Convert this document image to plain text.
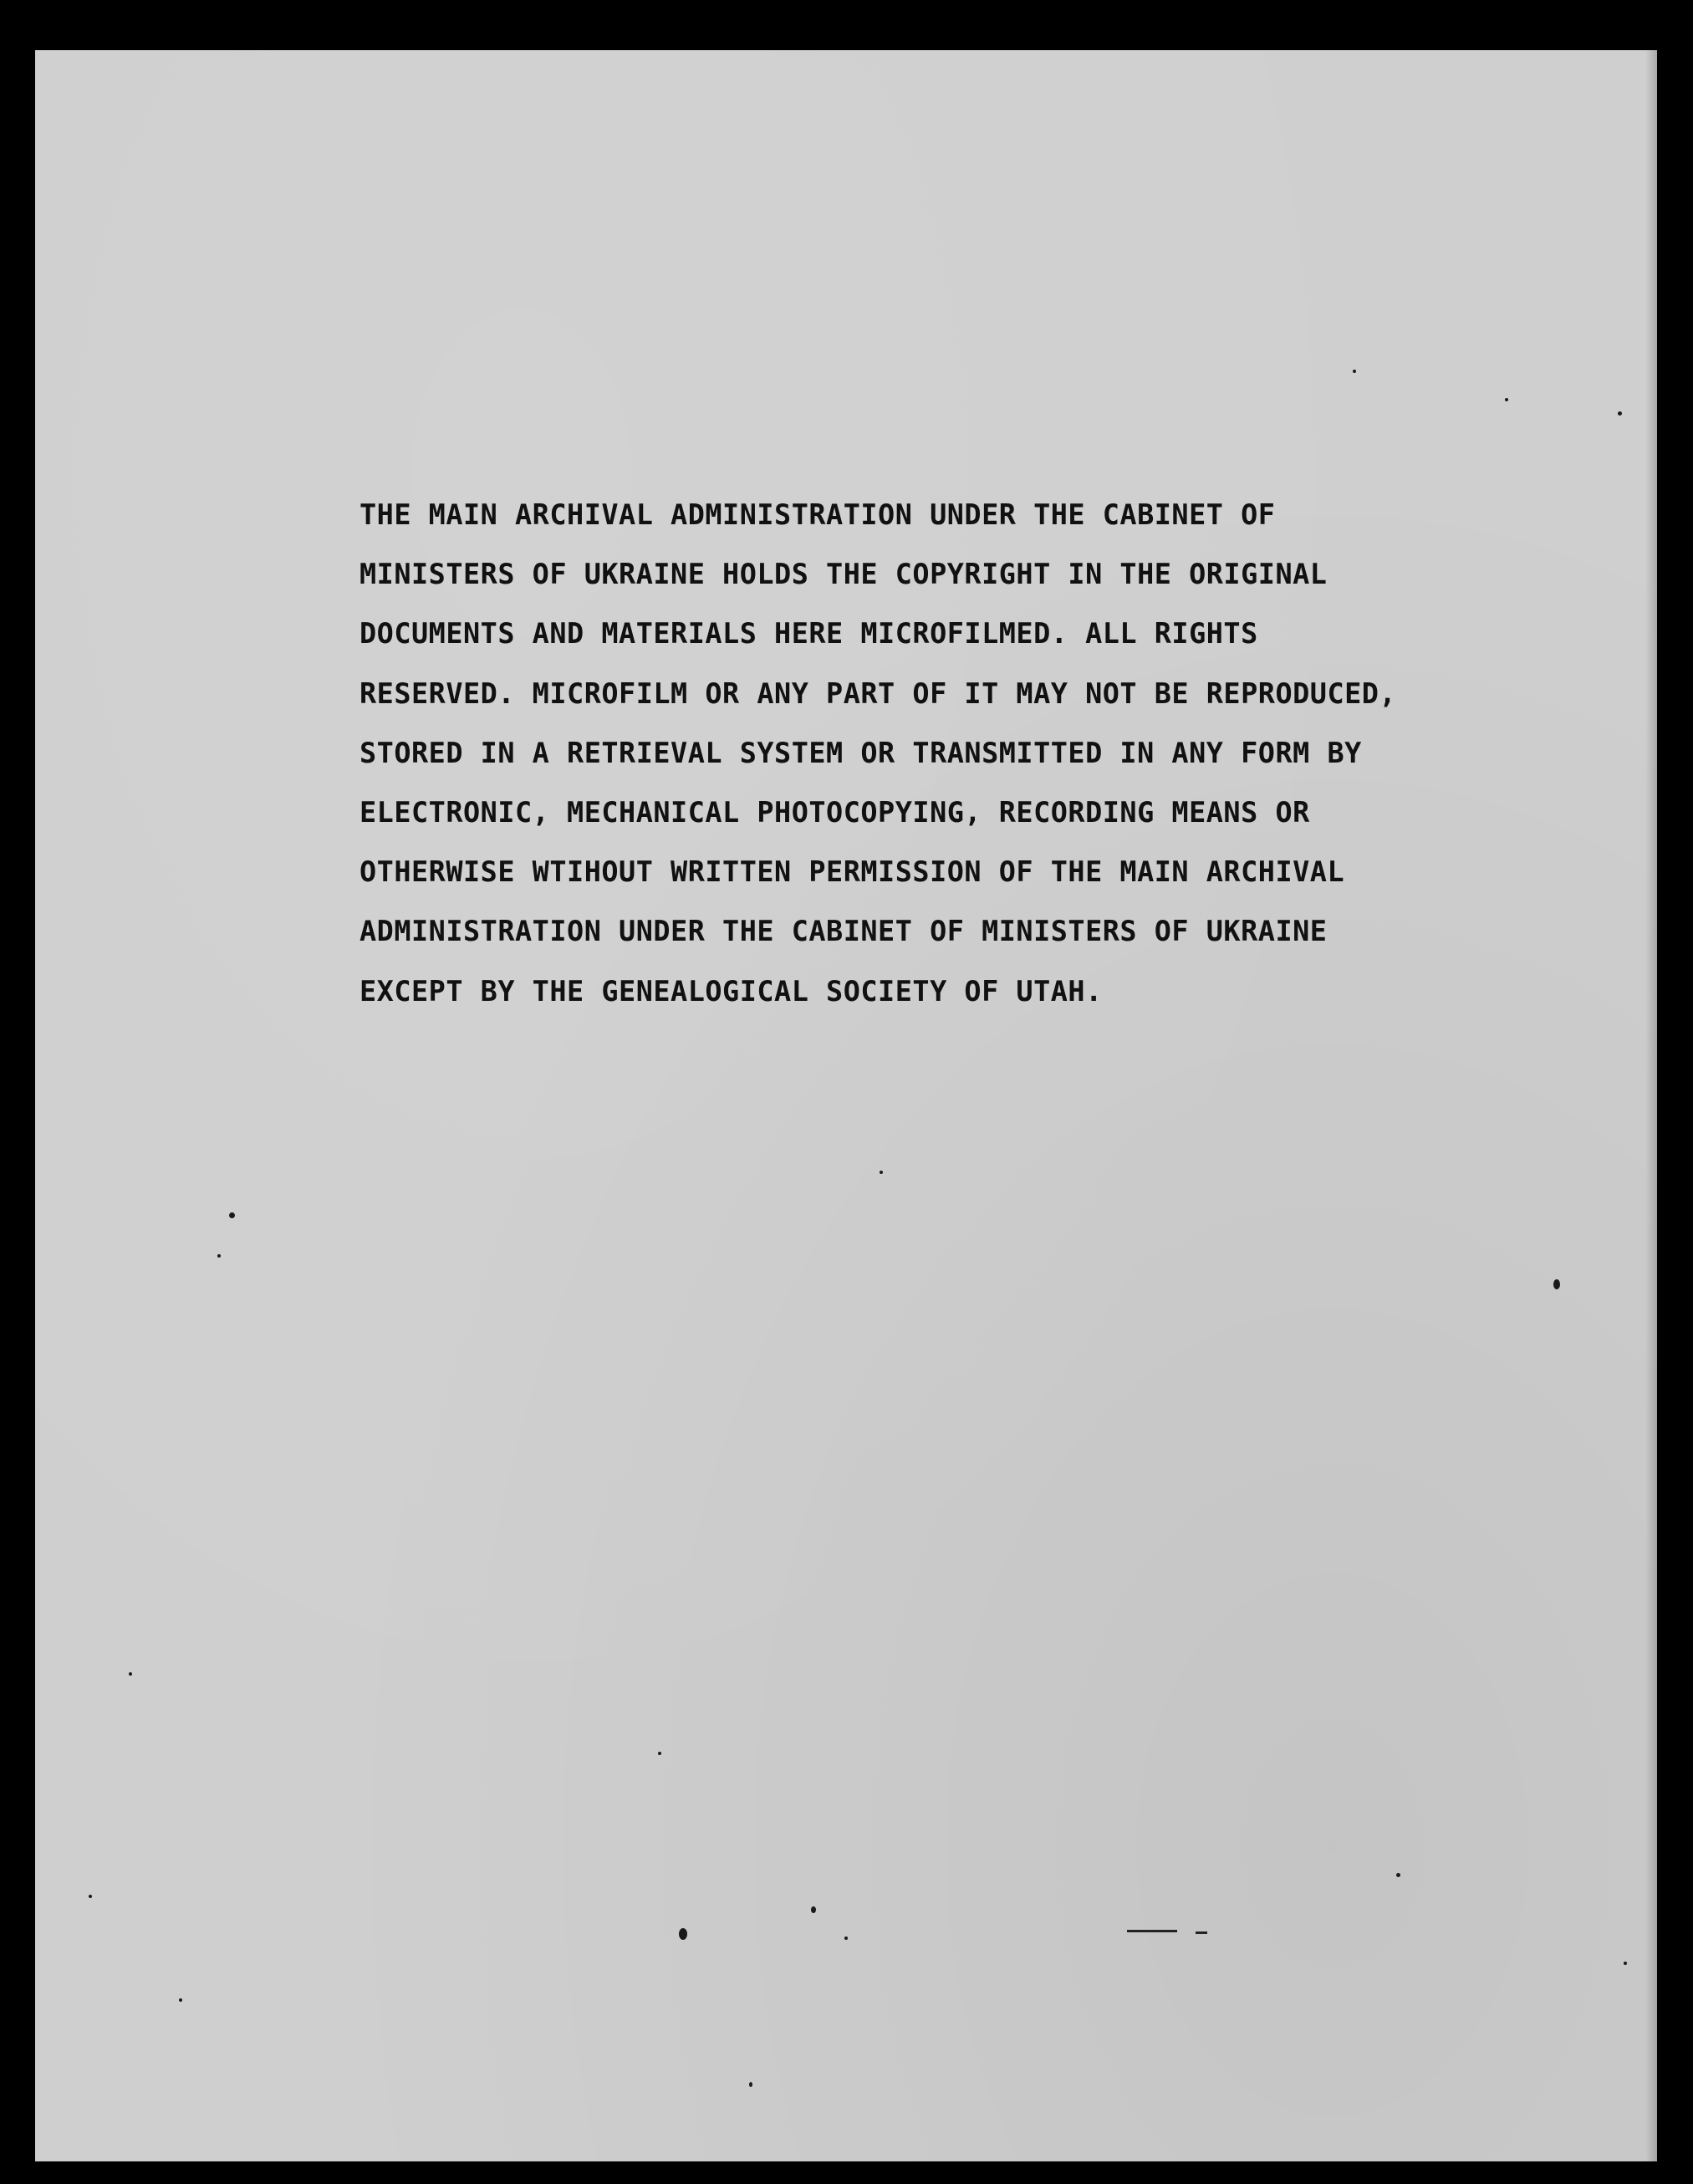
THE MAIN ARCHIVAL ADMINISTRATION UNDER THE CABINET OF
MINISTERS OF UKRAINE HOLDS THE COPYRIGHT IN THE ORIGINAL
DOCUMENTS AND MATERIALS HERE MICROFILMED. ALL RIGHTS
RESERVED. MICROFILM OR ANY PART OF IT MAY NOT BE REPRODUCED,
STORED IN A RETRIEVAL SYSTEM OR TRANSMITTED IN ANY FORM BY
ELECTRONIC, MECHANICAL PHOTOCOPYING, RECORDING MEANS OR
OTHERWISE WTIHOUT WRITTEN PERMISSION OF THE MAIN ARCHIVAL
ADMINISTRATION UNDER THE CABINET OF MINISTERS OF UKRAINE
EXCEPT BY THE GENEALOGICAL SOCIETY OF UTAH.
